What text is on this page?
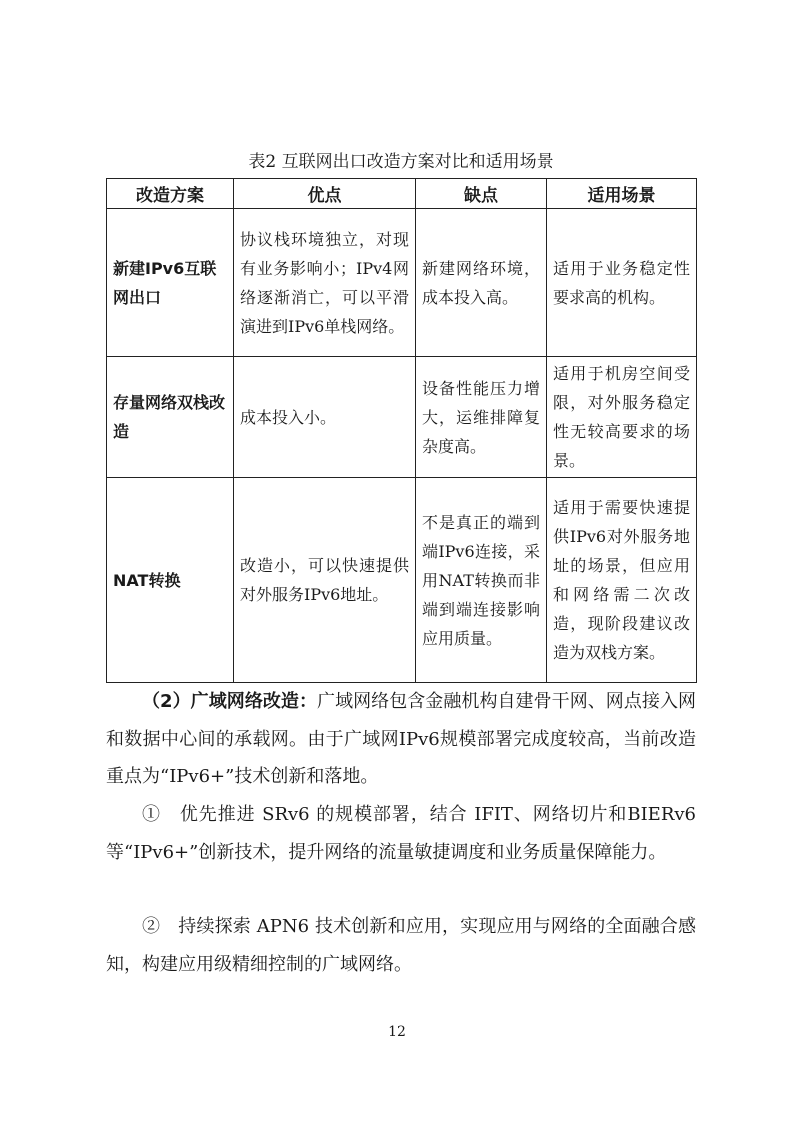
表2 互联网出口改造方案对比和适用场景
改造方案	优点	缺点	适用场景
新建IPv6互联网出口	协议栈环境独立，对现有业务影响小；IPv4网络逐渐消亡，可以平滑演进到IPv6单栈网络。	新建网络环境，成本投入高。	适用于业务稳定性要求高的机构。
存量网络双栈改造	成本投入小。	设备性能压力增大，运维排障复杂度高。	适用于机房空间受限，对外服务稳定性无较高要求的场景。
NAT转换	改造小，可以快速提供对外服务IPv6地址。	不是真正的端到端IPv6连接，采用NAT转换而非端到端连接影响应用质量。	适用于需要快速提供IPv6对外服务地址的场景，但应用和网络需二次改造，现阶段建议改造为双栈方案。
（2）广域网络改造：广域网络包含金融机构自建骨干网、网点接入网和数据中心间的承载网。由于广域网IPv6规模部署完成度较高，当前改造重点为“IPv6+”技术创新和落地。
①　优先推进 SRv6 的规模部署，结合 IFIT、网络切片和BIERv6 等“IPv6+”创新技术，提升网络的流量敏捷调度和业务质量保障能力。
②　持续探索 APN6 技术创新和应用，实现应用与网络的全面融合感知，构建应用级精细控制的广域网络。
12
